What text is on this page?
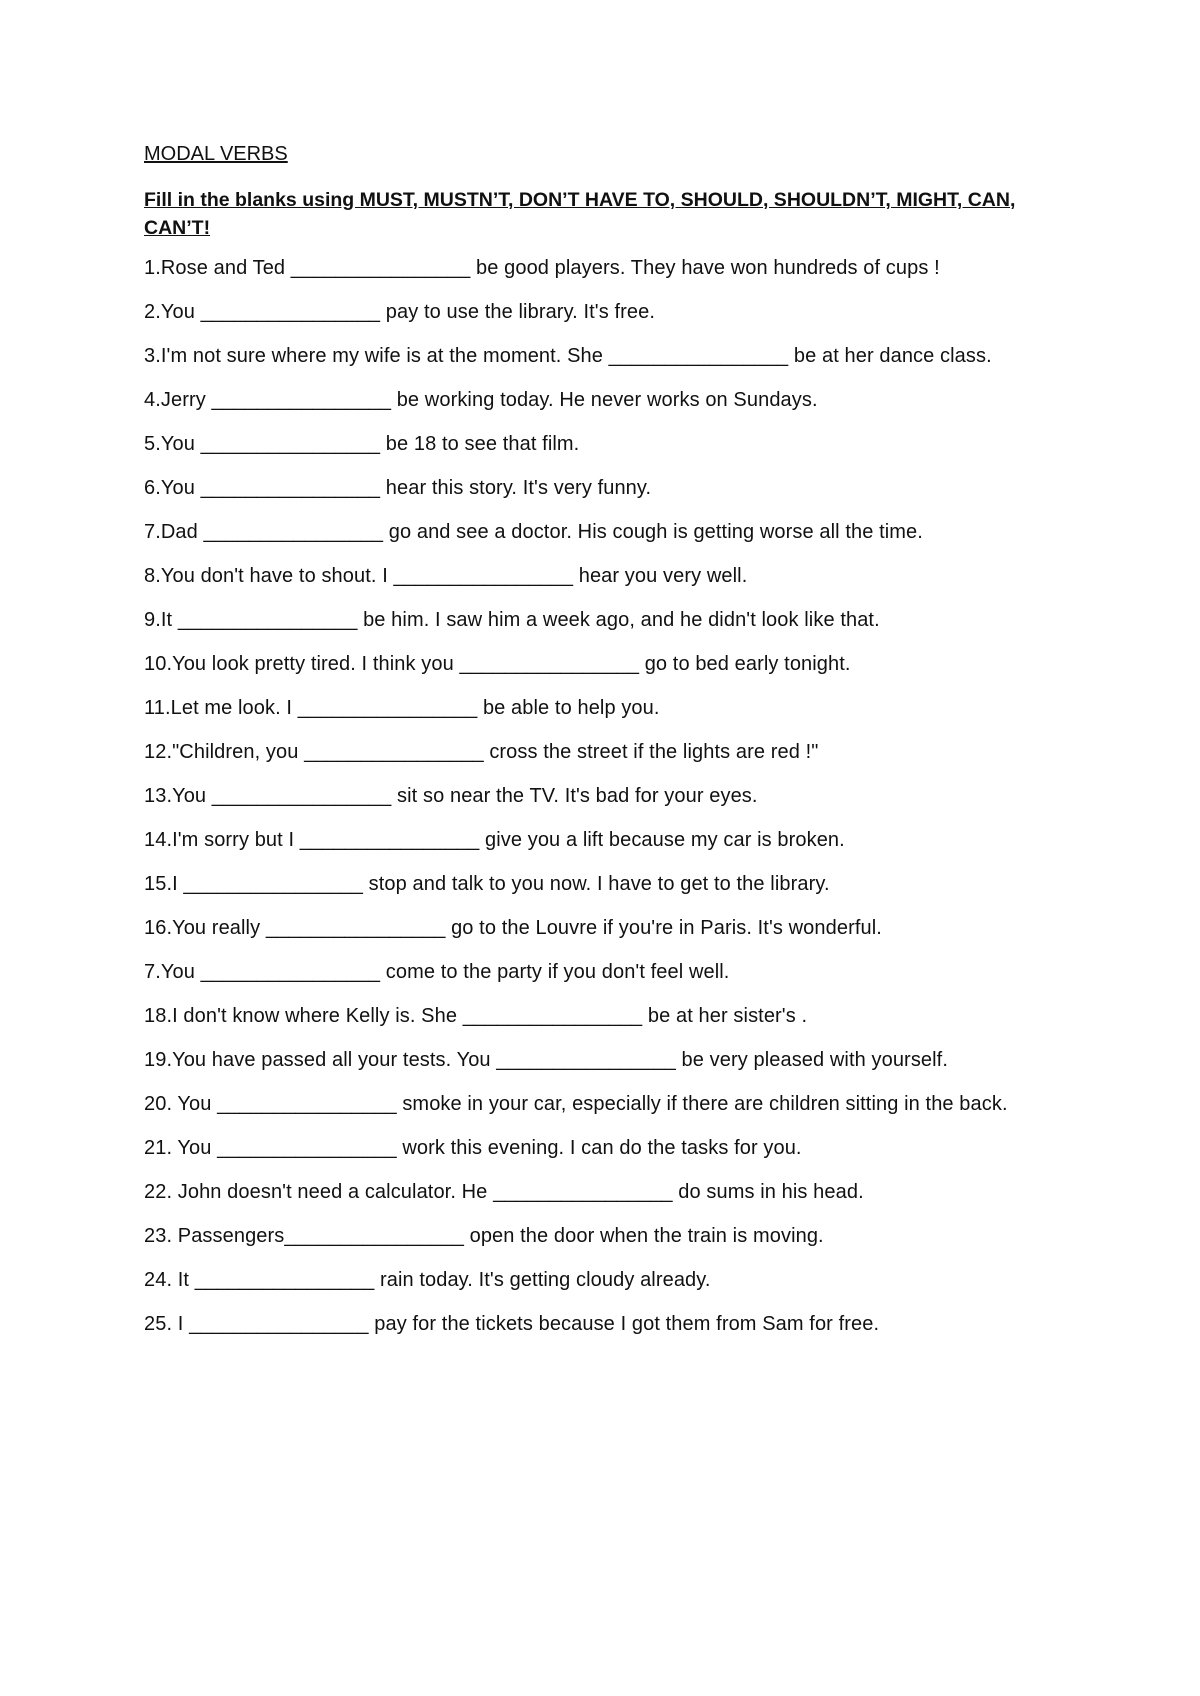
MODAL VERBS

Fill in the blanks using MUST, MUSTN’T, DON’T HAVE TO, SHOULD, SHOULDN’T, MIGHT, CAN, CAN’T!

1.Rose and Ted ________________ be good players. They have won hundreds of cups !
2.You ________________ pay to use the library. It's free.
3.I'm not sure where my wife is at the moment. She ________________ be at her dance class.
4.Jerry ________________ be working today. He never works on Sundays.
5.You ________________ be 18 to see that film.
6.You ________________ hear this story. It's very funny.
7.Dad ________________ go and see a doctor. His cough is getting worse all the time.
8.You don't have to shout. I ________________ hear you very well.
9.It ________________ be him. I saw him a week ago, and he didn't look like that.
10.You look pretty tired. I think you ________________ go to bed early tonight.
11.Let me look. I ________________ be able to help you.
12."Children, you ________________ cross the street if the lights are red !"
13.You ________________ sit so near the TV. It's bad for your eyes.
14.I'm sorry but I ________________ give you a lift because my car is broken.
15.I ________________ stop and talk to you now. I have to get to the library.
16.You really ________________ go to the Louvre if you're in Paris. It's wonderful.
7.You ________________ come to the party if you don't feel well.
18.I don't know where Kelly is. She ________________ be at her sister's .
19.You have passed all your tests. You ________________ be very pleased with yourself.
20. You ________________ smoke in your car, especially if there are children sitting in the back.
21. You ________________ work this evening. I can do the tasks for you.
22. John doesn't need a calculator. He ________________ do sums in his head.
23. Passengers________________ open the door when the train is moving.
24. It ________________ rain today. It's getting cloudy already.
25. I ________________ pay for the tickets because I got them from Sam for free.
